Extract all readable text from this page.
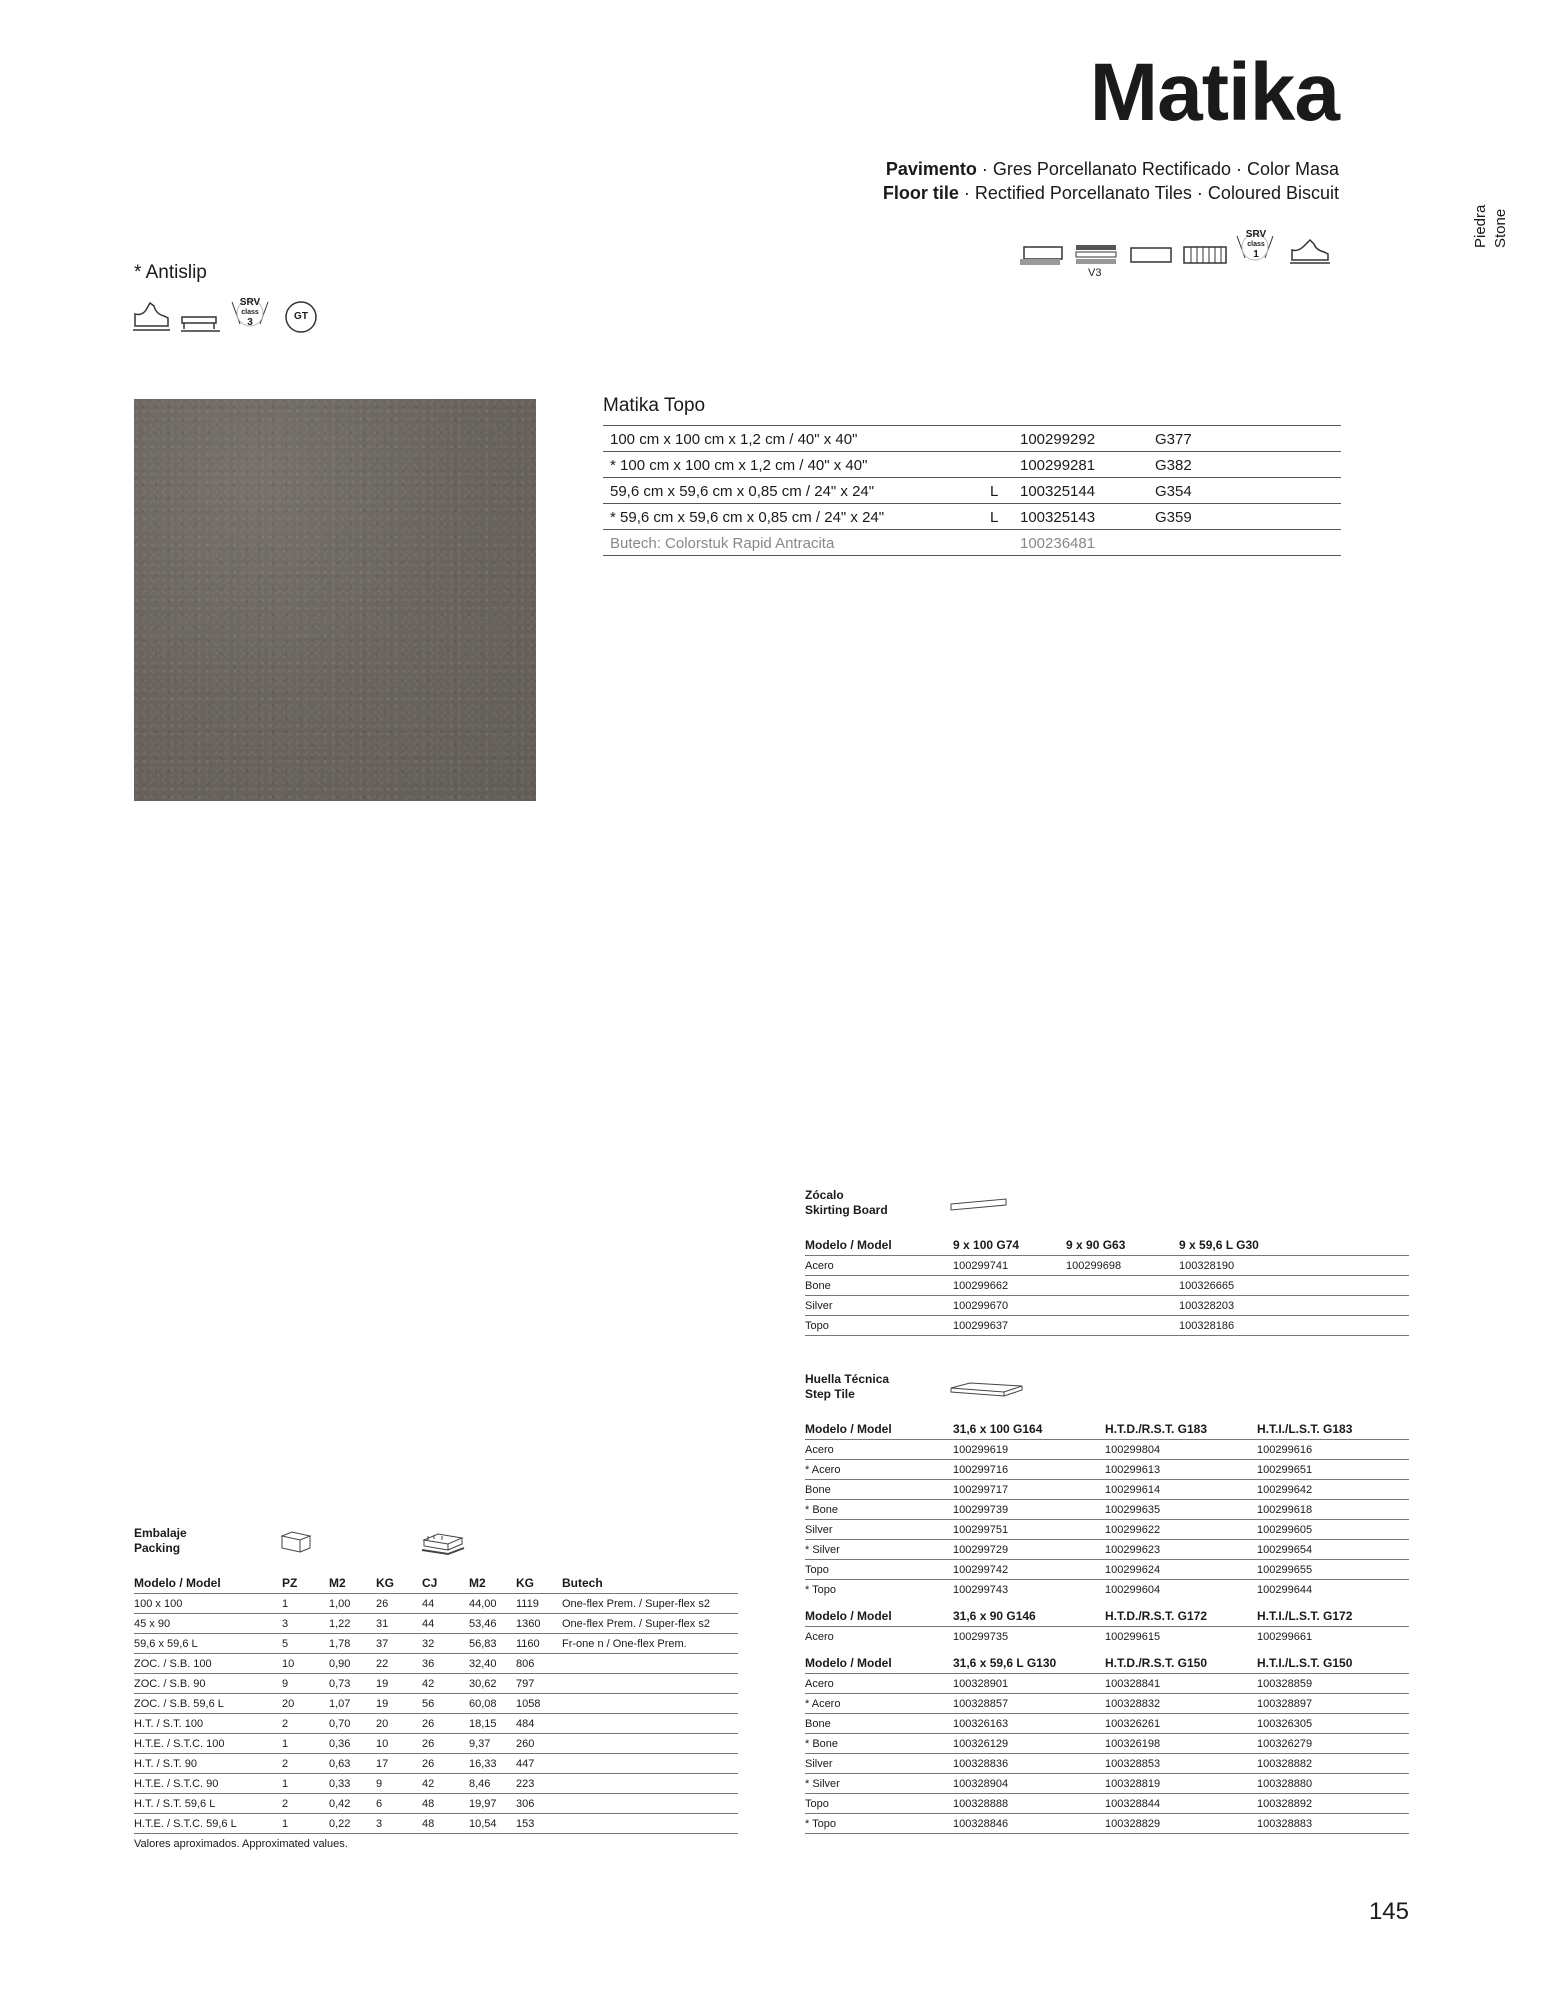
Matika
Pavimento · Gres Porcellanato Rectificado · Color Masa
Floor tile · Rectified Porcellanato Tiles · Coloured Biscuit
Piedra Stone
V3
SRV
class
1
* Antislip
SRV
class
3
GT
Matika Topo
100 cm x 100 cm x 1,2 cm / 40" x 40"		100299292	G377
* 100 cm x 100 cm x 1,2 cm / 40" x 40"		100299281	G382
59,6 cm x 59,6 cm x 0,85 cm / 24" x 24"	L	100325144	G354
* 59,6 cm x 59,6 cm x 0,85 cm / 24" x 24"	L	100325143	G359
Butech: Colorstuk Rapid Antracita		100236481	
Zócalo
Skirting Board
Modelo / Model	9 x 100 G74	9 x 90 G63	9 x 59,6 L G30
Acero	100299741	100299698	100328190
Bone	100299662		100326665
Silver	100299670		100328203
Topo	100299637		100328186
Huella Técnica
Step Tile
Modelo / Model	31,6 x 100 G164	H.T.D./R.S.T. G183	H.T.I./L.S.T. G183
Acero	100299619	100299804	100299616
* Acero	100299716	100299613	100299651
Bone	100299717	100299614	100299642
* Bone	100299739	100299635	100299618
Silver	100299751	100299622	100299605
* Silver	100299729	100299623	100299654
Topo	100299742	100299624	100299655
* Topo	100299743	100299604	100299644
Modelo / Model	31,6 x 90 G146	H.T.D./R.S.T. G172	H.T.I./L.S.T. G172
Acero	100299735	100299615	100299661
Modelo / Model	31,6 x 59,6 L G130	H.T.D./R.S.T. G150	H.T.I./L.S.T. G150
Acero	100328901	100328841	100328859
* Acero	100328857	100328832	100328897
Bone	100326163	100326261	100326305
* Bone	100326129	100326198	100326279
Silver	100328836	100328853	100328882
* Silver	100328904	100328819	100328880
Topo	100328888	100328844	100328892
* Topo	100328846	100328829	100328883
Embalaje
Packing
Modelo / Model	PZ	M2	KG	CJ	M2	KG	Butech
100 x 100	1	1,00	26	44	44,00	1119	One-flex Prem. / Super-flex s2
45 x 90	3	1,22	31	44	53,46	1360	One-flex Prem. / Super-flex s2
59,6 x 59,6 L	5	1,78	37	32	56,83	1160	Fr-one n / One-flex Prem.
ZOC. / S.B. 100	10	0,90	22	36	32,40	806	
ZOC. / S.B. 90	9	0,73	19	42	30,62	797	
ZOC. / S.B. 59,6 L	20	1,07	19	56	60,08	1058	
H.T. / S.T. 100	2	0,70	20	26	18,15	484	
H.T.E. / S.T.C. 100	1	0,36	10	26	9,37	260	
H.T. / S.T. 90	2	0,63	17	26	16,33	447	
H.T.E. / S.T.C. 90	1	0,33	9	42	8,46	223	
H.T. / S.T. 59,6 L	2	0,42	6	48	19,97	306	
H.T.E. / S.T.C. 59,6 L	1	0,22	3	48	10,54	153	
Valores aproximados. Approximated values.
145
